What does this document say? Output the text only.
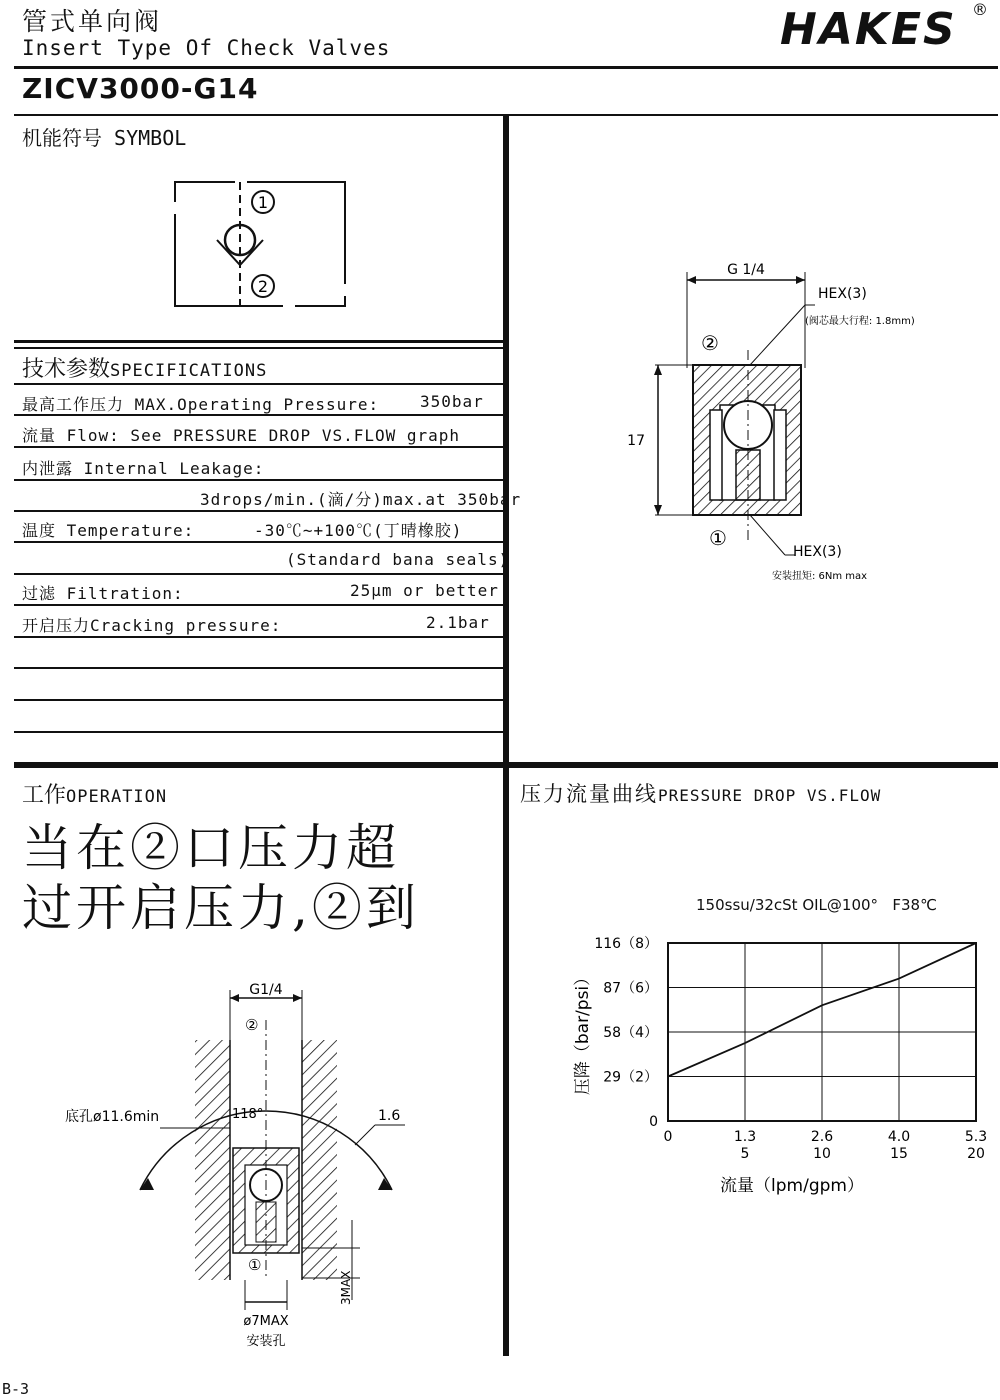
管式单向阀
Insert Type Of Check Valves	HAKES ®
ZICV3000-G14
机能符号 SYMBOL
1
2
技术参数SPECIFICATIONS
最高工作压力 MAX.Operating Pressure:	350bar
流量 Flow: See PRESSURE DROP VS.FLOW graph
内泄露 Internal Leakage:
3drops/min.(滴/分)max.at 350bar
温度 Temperature:	-30℃~+100℃(丁晴橡胶)
(Standard bana seals)
过滤 Filtration:	25μm or better
开启压力Cracking pressure:	2.1bar
G 1/4
17
HEX(3)
(阀芯最大行程: 1.8mm)
②
①
HEX(3)
安装扭矩: 6Nm max
工作OPERATION
当在②口压力超
过开启压力,②到
G1/4
底孔ø11.6min	118°	1.6
②
①
ø7MAX
安装孔
3MAX
压力流量曲线PRESSURE DROP VS.FLOW
150ssu/32cSt OIL@100°   F38℃
0
29（2）
58（4）
87（6）
116（8）
0	1.3
5
2.6
10
4.0
15
5.3
20
压降（bar/psi）
流量（lpm/gpm）
B-3
